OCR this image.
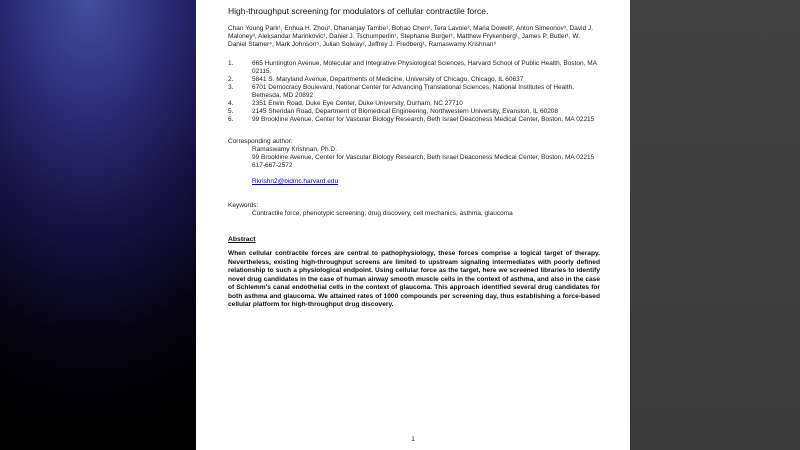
High-throughput screening for modulators of cellular contractile force.

Chan Young Park¹, Enhua H. Zhou¹, Dhananjay Tambe¹, Bohao Chen², Tera Lavoie², Maria Dowell², Anton Simeonov³, David J. Maloney³, Aleksandar Marinkovic¹, Daniel J. Tschumperlin¹, Stephanie Burger¹, Matthew Frykenberg¹, James P. Butler¹, W. Daniel Stamer⁴, Mark Johnson⁵, Julian Solway², Jeffrey J. Fredberg¹, Ramaswamy Krishnan⁶

1.	665 Huntington Avenue, Molecular and Integrative Physiological Sciences, Harvard School of Public Health, Boston, MA 02115.
2.	5841 S. Maryland Avenue, Departments of Medicine, University of Chicago, Chicago, IL 60637
3.	6701 Democracy Boulevard, National Center for Advancing Translational Sciences, National Institutes of Health, Bethesda, MD 20892
4.	2351 Erwin Road, Duke Eye Center, Duke University, Durham, NC 27710
5.	2145 Sheridan Road, Department of Biomedical Engineering, Northwestern University, Evanston, IL 60208
6.	99 Brookline Avenue, Center for Vascular Biology Research, Beth Israel Deaconess Medical Center, Boston, MA 02215

Corresponding author:

Ramaswamy Krishnan, Ph.D.

99 Brookline Avenue, Center for Vascular Biology Research, Beth Israel Deaconess Medical Center, Boston, MA 02215

617-667-2572

Rkrishn2@bidmc.harvard.edu

Keywords:

Contractile force, phenotypic screening, drug discovery, cell mechanics, asthma, glaucoma

Abstract

When cellular contractile forces are central to pathophysiology, these forces comprise a logical target of therapy. Nevertheless, existing high-throughput screens are limited to upstream signaling intermediates with poorly defined relationship to such a physiological endpoint. Using cellular force as the target, here we screened libraries to identify novel drug candidates in the case of human airway smooth muscle cells in the context of asthma, and also in the case of Schlemm's canal endothelial cells in the context of glaucoma. This approach identified several drug candidates for both asthma and glaucoma. We attained rates of 1000 compounds per screening day, thus establishing a force-based cellular platform for high-throughput drug discovery.

1
